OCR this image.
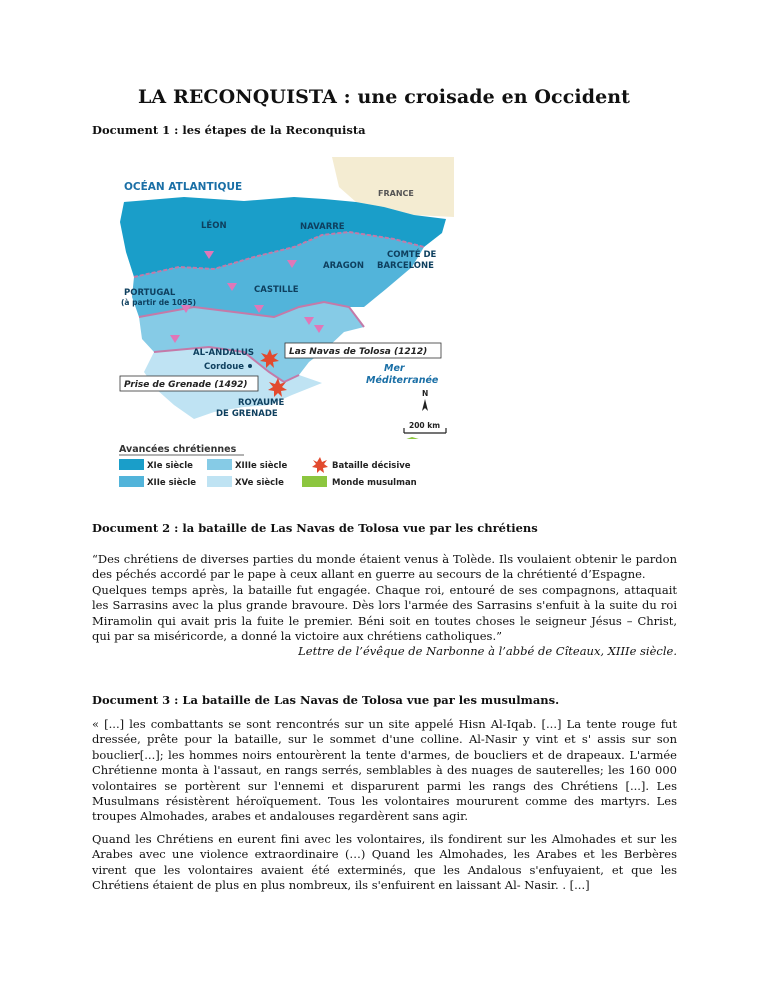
LA RECONQUISTA : une croisade en Occident
Document 1 : les étapes de la Reconquista
OCÉAN ATLANTIQUE
FRANCE
LÉON	NAVARRE
COMTÉ DE
BARCELONE
ARAGON
PORTUGAL
(à partir de 1095)
CASTILLE
AL-ANDALUS
Cordoue
Las Navas de Tolosa (1212)
Prise de Grenade (1492)
ROYAUME
DE GRENADE
Mer
Méditerranée
N
200 km
Avancées chrétiennes
XIe siècle
XIIe siècle
XIIIe siècle
XVe siècle
Bataille décisive
Monde musulman
Document 2 : la bataille de Las Navas de Tolosa vue par les chrétiens

“Des chrétiens de diverses parties du monde étaient venus à Tolède. Ils voulaient obtenir le pardon des péchés accordé par le pape à ceux allant en guerre au secours de la chrétienté d’Espagne.

Quelques temps après, la bataille fut engagée. Chaque roi, entouré de ses compagnons, attaquait les Sarrasins avec la plus grande bravoure. Dès lors l'armée des Sarrasins s'enfuit à la suite du roi Miramolin qui avait pris la fuite le premier. Béni soit en toutes choses le seigneur Jésus – Christ, qui par sa miséricorde, a donné la victoire aux chrétiens catholiques.”

Lettre de l’évêque de Narbonne à l’abbé de Cîteaux, XIIIe siècle.

Document 3 : La bataille de Las Navas de Tolosa vue par les musulmans.

« [...] les combattants se sont rencontrés sur un site appelé Hisn Al-Iqab. [...] La tente rouge fut dressée, prête pour la bataille, sur le sommet d'une colline. Al-Nasir y vint et s' assis sur son bouclier[...]; les hommes noirs entourèrent la tente d'armes, de boucliers et de drapeaux. L'armée Chrétienne monta à l'assaut, en rangs serrés, semblables à des nuages de sauterelles; les 160 000 volontaires se portèrent sur l'ennemi et disparurent parmi les rangs des Chrétiens [...]. Les Musulmans résistèrent héroïquement. Tous les volontaires moururent comme des martyrs. Les troupes Almohades, arabes et andalouses regardèrent sans agir.

Quand les Chrétiens en eurent fini avec les volontaires, ils fondirent sur les Almohades et sur les Arabes avec une violence extraordinaire (…) Quand les Almohades, les Arabes et les Berbères virent que les volontaires avaient été exterminés, que les Andalous s'enfuyaient, et que les Chrétiens étaient de plus en plus nombreux, ils s'enfuirent en laissant Al- Nasir. . [...]
